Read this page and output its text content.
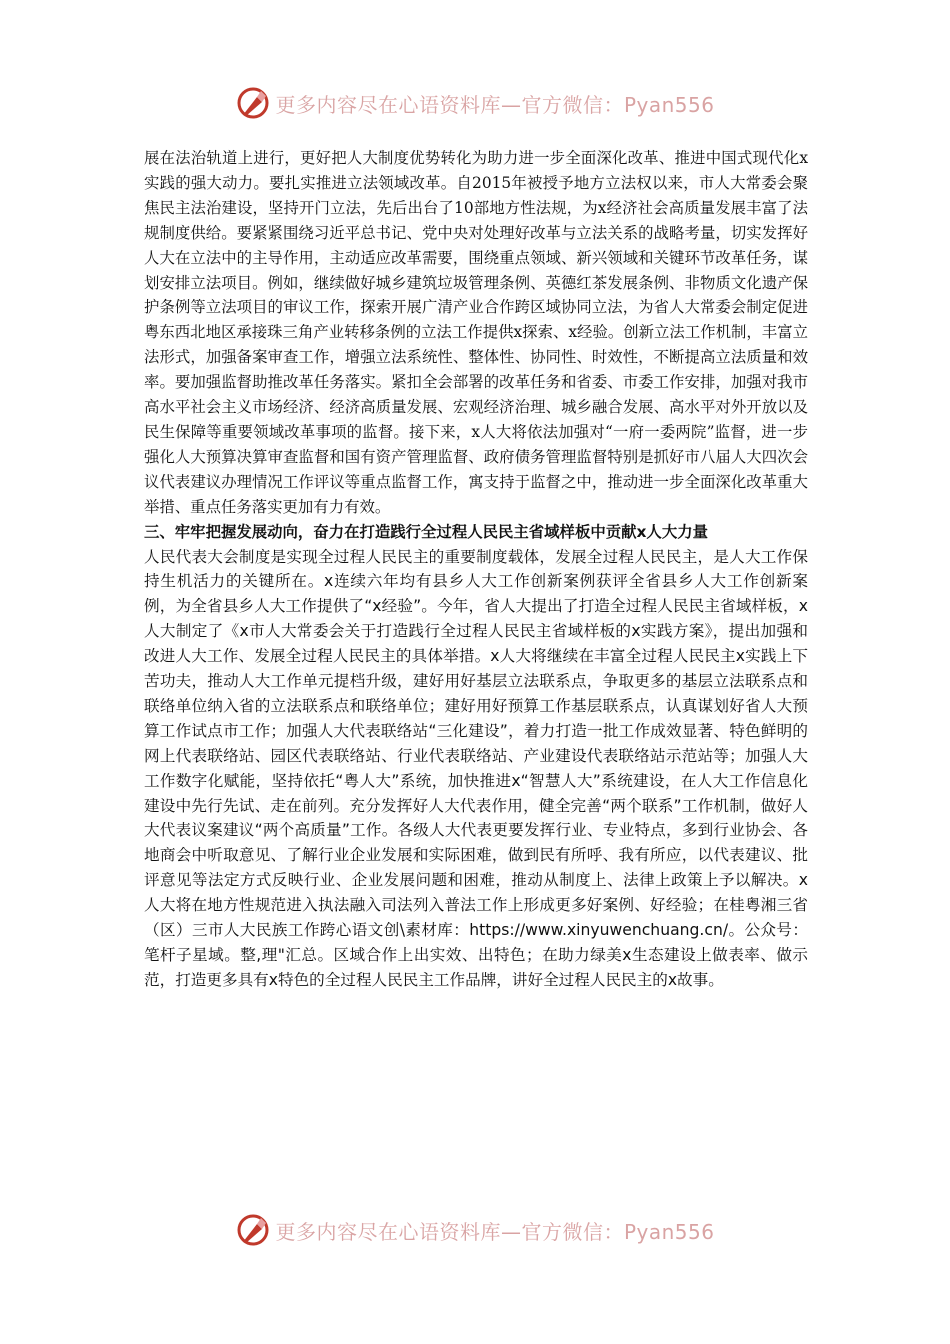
更多内容尽在心语资料库—官方微信：Pyan556

展在法治轨道上进行，更好把人大制度优势转化为助力进一步全面深化改革、推进中国式现代化x实践的强大动力。要扎实推进立法领域改革。自2015年被授予地方立法权以来，市人大常委会聚焦民主法治建设，坚持开门立法，先后出台了10部地方性法规，为x经济社会高质量发展丰富了法规制度供给。要紧紧围绕习近平总书记、党中央对处理好改革与立法关系的战略考量，切实发挥好人大在立法中的主导作用，主动适应改革需要，围绕重点领域、新兴领域和关键环节改革任务，谋划安排立法项目。例如，继续做好城乡建筑垃圾管理条例、英德红茶发展条例、非物质文化遗产保护条例等立法项目的审议工作，探索开展广清产业合作跨区域协同立法，为省人大常委会制定促进粤东西北地区承接珠三角产业转移条例的立法工作提供x探索、x经验。创新立法工作机制，丰富立法形式，加强备案审查工作，增强立法系统性、整体性、协同性、时效性，不断提高立法质量和效率。要加强监督助推改革任务落实。紧扣全会部署的改革任务和省委、市委工作安排，加强对我市高水平社会主义市场经济、经济高质量发展、宏观经济治理、城乡融合发展、高水平对外开放以及民生保障等重要领域改革事项的监督。接下来，x人大将依法加强对“一府一委两院”监督，进一步强化人大预算决算审查监督和国有资产管理监督、政府债务管理监督特别是抓好市八届人大四次会议代表建议办理情况工作评议等重点监督工作，寓支持于监督之中，推动进一步全面深化改革重大举措、重点任务落实更加有力有效。

三、牢牢把握发展动向，奋力在打造践行全过程人民民主省域样板中贡献x人大力量

人民代表大会制度是实现全过程人民民主的重要制度载体，发展全过程人民民主，是人大工作保持生机活力的关键所在。x连续六年均有县乡人大工作创新案例获评全省县乡人大工作创新案例，为全省县乡人大工作提供了“x经验”。今年，省人大提出了打造全过程人民民主省域样板，x人大制定了《x市人大常委会关于打造践行全过程人民民主省域样板的x实践方案》，提出加强和改进人大工作、发展全过程人民民主的具体举措。x人大将继续在丰富全过程人民民主x实践上下苦功夫，推动人大工作单元提档升级，建好用好基层立法联系点，争取更多的基层立法联系点和联络单位纳入省的立法联系点和联络单位；建好用好预算工作基层联系点，认真谋划好省人大预算工作试点市工作；加强人大代表联络站“三化建设”，着力打造一批工作成效显著、特色鲜明的网上代表联络站、园区代表联络站、行业代表联络站、产业建设代表联络站示范站等；加强人大工作数字化赋能，坚持依托“粤人大”系统，加快推进x“智慧人大”系统建设，在人大工作信息化建设中先行先试、走在前列。充分发挥好人大代表作用，健全完善“两个联系”工作机制，做好人大代表议案建议“两个高质量”工作。各级人大代表更要发挥行业、专业特点，多到行业协会、各地商会中听取意见、了解行业企业发展和实际困难，做到民有所呼、我有所应，以代表建议、批评意见等法定方式反映行业、企业发展问题和困难，推动从制度上、法律上政策上予以解决。x人大将在地方性规范进入执法融入司法列入普法工作上形成更多好案例、好经验；在桂粤湘三省（区）三市人大民族工作跨心语文创\素材库：https://www.xinyuwenchuang.cn/。公众号：笔杆子星域。整,理"汇总。区域合作上出实效、出特色；在助力绿美x生态建设上做表率、做示范，打造更多具有x特色的全过程人民民主工作品牌，讲好全过程人民民主的x故事。

更多内容尽在心语资料库—官方微信：Pyan556
